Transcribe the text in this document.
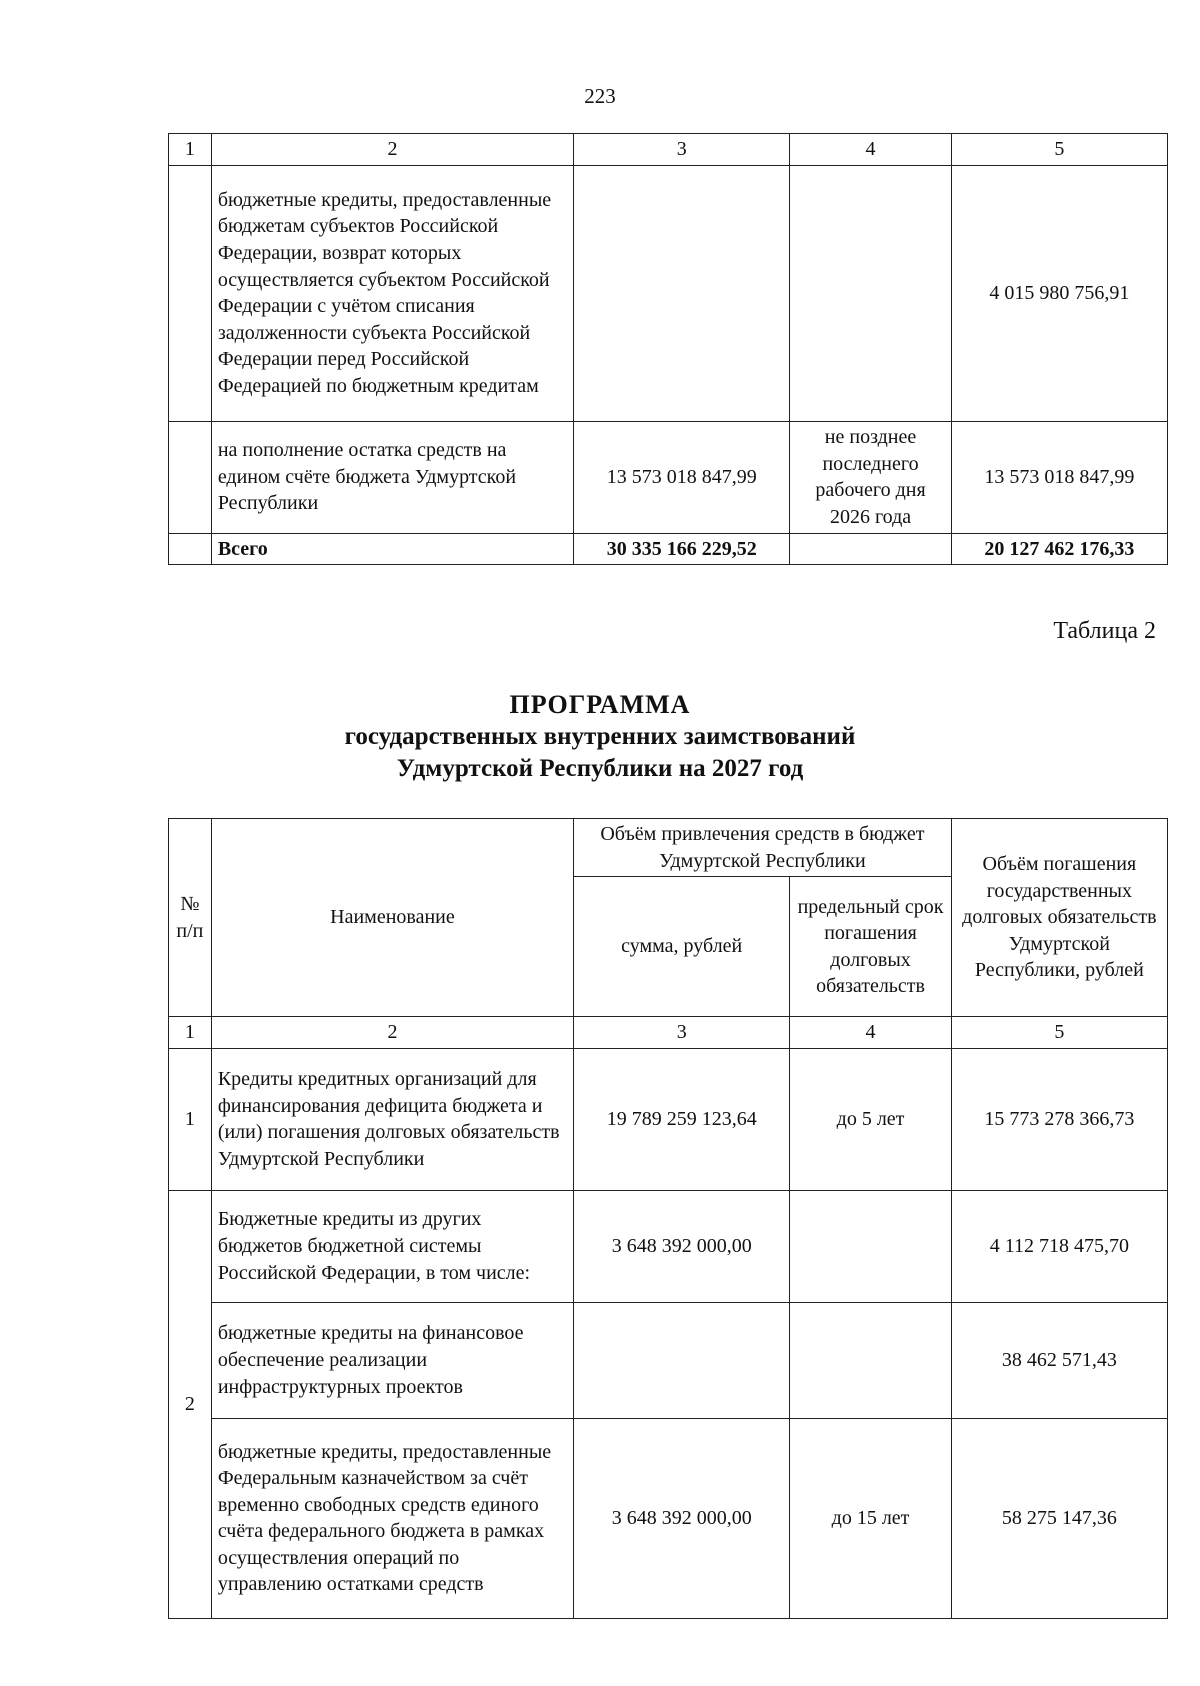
223
1	2	3	4	5
	бюджетные кредиты, предоставленные бюджетам субъектов Российской Федерации, возврат которых осуществляется субъектом Российской Федерации с учётом списания задолженности субъекта Российской Федерации перед Российской Федерацией по бюджетным кредитам			4 015 980 756,91
	на пополнение остатка средств на едином счёте бюджета Удмуртской Республики	13 573 018 847,99	не позднее последнего рабочего дня 2026 года	13 573 018 847,99
	Всего	30 335 166 229,52		20 127 462 176,33
Таблица 2
ПРОГРАММА
государственных внутренних заимствований
Удмуртской Республики на 2027 год
№ п/п	Наименование	Объём привлечения средств в бюджет Удмуртской Республики		Объём погашения государственных долговых обязательств Удмуртской Республики, рублей
		сумма, рублей	предельный срок погашения долговых обязательств	
1	2	3	4	5
1	Кредиты кредитных организаций для финансирования дефицита бюджета и (или) погашения долговых обязательств Удмуртской Республики	19 789 259 123,64	до 5 лет	15 773 278 366,73
2	Бюджетные кредиты из других бюджетов бюджетной системы Российской Федерации, в том числе:	3 648 392 000,00		4 112 718 475,70
	бюджетные кредиты на финансовое обеспечение реализации инфраструктурных проектов			38 462 571,43
	бюджетные кредиты, предоставленные Федеральным казначейством за счёт временно свободных средств единого счёта федерального бюджета в рамках осуществления операций по управлению остатками средств	3 648 392 000,00	до 15 лет	58 275 147,36
